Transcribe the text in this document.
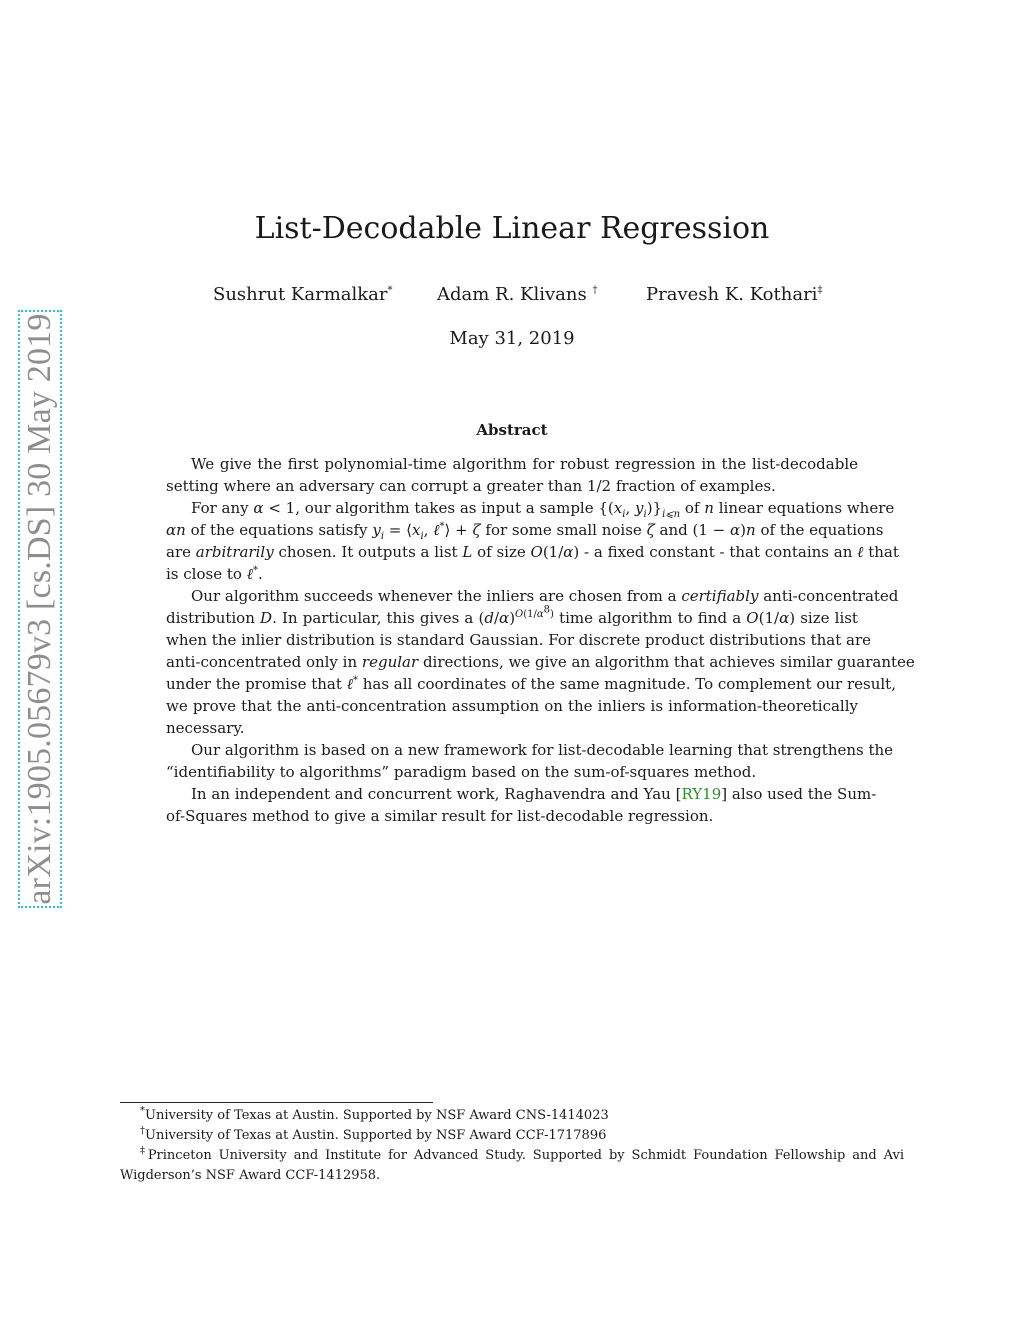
arXiv:1905.05679v3 [cs.DS] 30 May 2019
List-Decodable Linear Regression
Sushrut Karmalkar* Adam R. Klivans †	Pravesh K. Kothari‡
May 31, 2019
Abstract
We give the first polynomial-time algorithm for robust regression in the list-decodable
setting where an adversary can corrupt a greater than 1/2 fraction of examples.
For any α < 1, our algorithm takes as input a sample {($x_i$, $y_i)\}_{i⩽n}$ of n linear equations where
αn of the equations satisfy $y_i$ = $⟨x_i$, ℓ*⟩ + ζ for some small noise ζ and (1 − α)n of the equations
are arbitrarily chosen. It outputs a list L of size O(1/α) - a fixed constant - that contains an ℓ that
is close to ℓ*.
Our algorithm succeeds whenever the inliers are chosen from a certifiably anti-concentrated
distribution D. In particular, this gives a $(d/\alpha)^{O(1/\alpha^8)}$ time algorithm to find a O(1/α) size list
when the inlier distribution is standard Gaussian. For discrete product distributions that are
anti-concentrated only in regular directions, we give an algorithm that achieves similar guarantee
under the promise that ℓ* has all coordinates of the same magnitude. To complement our result,
we prove that the anti-concentration assumption on the inliers is information-theoretically
necessary.
Our algorithm is based on a new framework for list-decodable learning that strengthens the
“identifiability to algorithms” paradigm based on the sum-of-squares method.
In an independent and concurrent work, Raghavendra and Yau [RY19] also used the Sum-
of-Squares method to give a similar result for list-decodable regression.
*University of Texas at Austin. Supported by NSF Award CNS-1414023
†University of Texas at Austin. Supported by NSF Award CCF-1717896
‡Princeton University and Institute for Advanced Study. Supported by Schmidt Foundation Fellowship and Avi
Wigderson’s NSF Award CCF-1412958.
